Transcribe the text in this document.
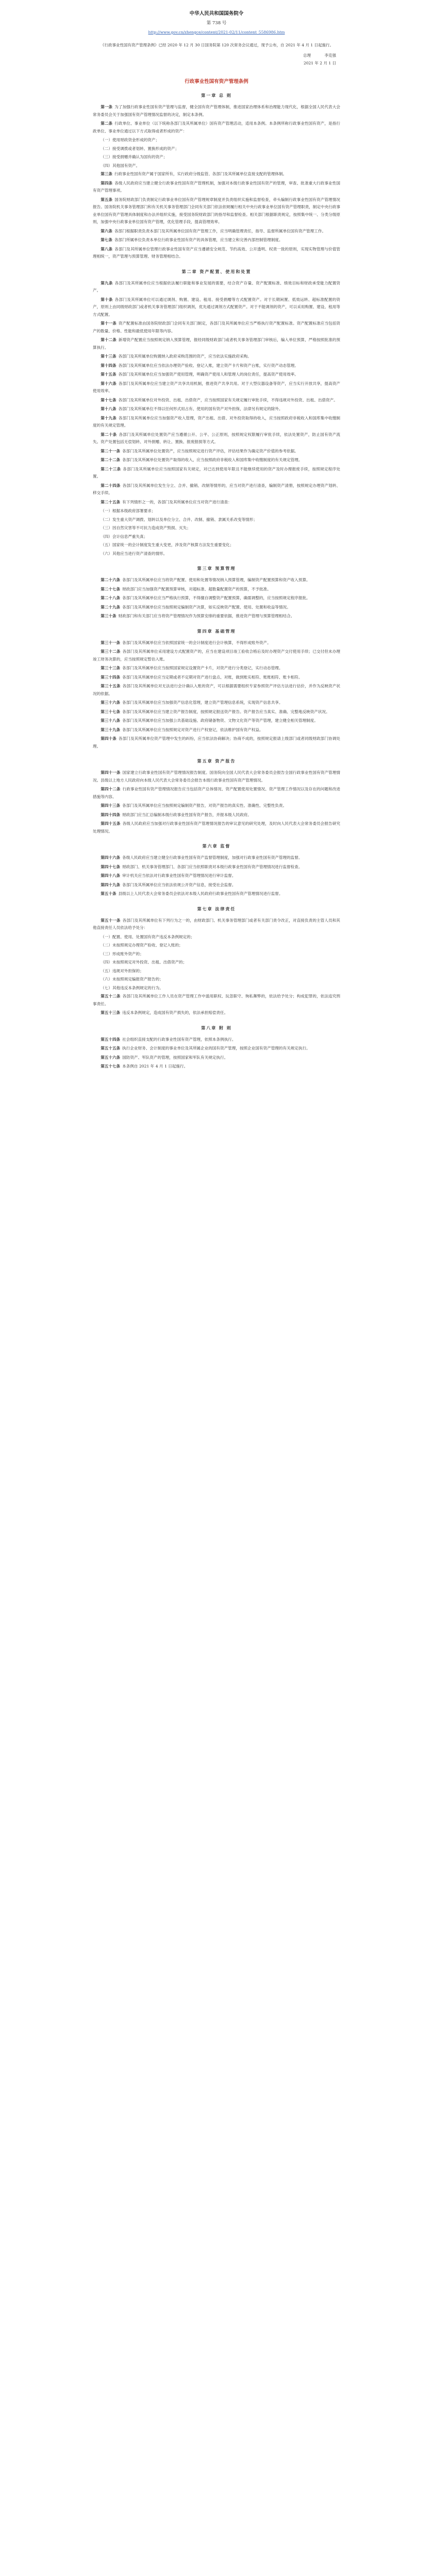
中华人民共和国国务院令
第 738 号
http://www.gov.cn/zhengce/content/2021-02/11/content_5586986.htm
《行政事业性国有资产管理条例》已经 2020 年 12 月 30 日国务院第 120 次常务会议通过，现予公布，自 2021 年 4 月 1 日起施行。
总理	李克强
2021 年 2 月 1 日
行政事业性国有资产管理条例
第一章 总 则

第一条 为了加强行政事业性国有资产管理与监督，健全国有资产管理体制，推进国家治理体系和治理能力现代化，根据全国人民代表大会常务委员会关于加强国有资产管理情况监督的决定，制定本条例。

第二条 行政单位、事业单位（以下统称各部门及其所属单位）国有资产管理活动，适用本条例。本条例所称行政事业性国有资产，是指行政单位、事业单位通过以下方式取得或者形成的资产：

（一）使用财政资金形成的资产；

（二）接受调拨或者划转、置换形成的资产；

（三）接受捐赠并确认为国有的资产；

（四）其他国有资产。

第三条 行政事业性国有资产属于国家所有，实行政府分级监管、各部门及其所属单位直接支配的管理体制。

第四条 各级人民政府应当建立健全行政事业性国有资产管理机制，加强对本级行政事业性国有资产的管理，审查、批准重大行政事业性国有资产管理事项。

第五条 国务院财政部门负责制定行政事业单位国有资产管理规章制度并负责组织实施和监督检查，牵头编制行政事业性国有资产管理情况报告。国务院机关事务管理部门和有关机关事务管理部门会同有关部门依法依规履行相关中央行政事业单位国有资产管理职责，制定中央行政事业单位国有资产管理具体制度和办法并组织实施，接受国务院财政部门的指导和监督检查。相关部门根据职责规定，按照集中统一、分类分级原则，加强中央行政事业单位国有资产管理，优化管理手段，提高管理效率。

第六条 各部门根据职责负责本部门及其所属单位国有资产管理工作，应当明确管理责任，指导、监督所属单位国有资产管理工作。

第七条 各部门所属单位负责本单位行政事业性国有资产的具体管理，应当建立和完善内部控制管理制度。

第八条 各部门及其所属单位管理行政事业性国有资产应当遵循安全规范、节约高效、公开透明、权责一致的原则，实现实物管理与价值管理相统一，资产管理与预算管理、财务管理相结合。

第二章 资产配置、使用和处置

第九条 各部门及其所属单位应当根据依法履行职能和事业发展的需要，结合资产存量、资产配置标准、绩效目标和财政承受能力配置资产。

第十条 各部门及其所属单位可以通过调剂、购置、建设、租用、接受捐赠等方式配置资产。对于长期闲置、低效运转、超标准配置的资产，原则上由同级财政部门或者机关事务管理部门组织调剂，优先通过调剂方式配置资产。对于不能调剂的资产，可以采用购置、建设、租用等方式配置。

第十一条 资产配置标准由国务院财政部门会同有关部门制定，各部门及其所属单位应当严格执行资产配置标准。资产配置标准应当包括资产的数量、价格、性能和最低使用年限等内容。

第十二条 新增资产配置应当按照规定纳入预算管理，报经同级财政部门或者机关事务管理部门审核后，编入单位预算，严格按照批准的预算执行。

第十三条 各部门及其所属单位购置纳入政府采购范围的资产，应当依法实施政府采购。

第十四条 各部门及其所属单位应当依法办理资产验收、登记入账，建立资产卡片和资产台账，实行资产动态管理。

第十五条 各部门及其所属单位应当加强资产使用管理，明确资产使用人和管理人的岗位责任，提高资产使用效率。

第十六条 各部门及其所属单位应当建立资产共享共用机制，推进资产共享共用。对于大型仪器设备等资产，应当实行开放共享，提高资产使用效率。

第十七条 各部门及其所属单位对外投资、出租、出借资产，应当按照国家有关规定履行审批手续，不得违规对外投资、出租、出借资产。

第十八条 各部门及其所属单位不得以任何形式用占有、使用的国有资产对外担保，法律另有规定的除外。

第十九条 各部门及其所属单位应当加强资产收入管理，资产出租、出借、对外投资取得的收入，应当按照政府非税收入和国库集中收缴制度的有关规定管理。

第二十条 各部门及其所属单位处置资产应当遵循公开、公平、公正原则，按照规定权限履行审批手续，依法处置资产，防止国有资产流失。资产处置包括无偿划转、对外捐赠、转让、置换、报废报损等方式。

第二十一条 各部门及其所属单位处置资产，应当按照规定进行资产评估，评估结果作为确定资产价值的参考依据。

第二十二条 各部门及其所属单位处置资产取得的收入，应当按照政府非税收入和国库集中收缴制度的有关规定管理。

第二十三条 各部门及其所属单位应当按照国家有关规定，对已达到使用年限且不能继续使用的资产及时办理报废手续，按照规定程序处置。

第二十四条 各部门及其所属单位发生分立、合并、撤销、改制等情形的，应当对资产进行清查，编制资产清册，按照规定办理资产划转、移交手续。

第二十五条 有下列情形之一的，各部门及其所属单位应当对资产进行清查：

（一）根据本级政府部署要求；

（二）发生重大资产调拨、划转以及单位分立、合并、改制、撤销、隶属关系改变等情形；

（三）因自然灾害等不可抗力造成资产毁损、灭失；

（四）会计信息严重失真；

（五）国家统一的会计制度发生重大变更，涉及资产核算方法发生重要变化；

（六）其他应当进行资产清查的情形。

第三章 预算管理

第二十六条 各部门及其所属单位应当将资产配置、使用和处置等情况纳入预算管理，编制资产配置预算和资产收入预算。

第二十七条 财政部门应当加强资产配置预算审核，对超标准、超数量配置资产的预算，不予批准。

第二十八条 各部门及其所属单位应当严格执行预算，不得擅自调整资产配置预算，确需调整的，应当按照规定程序报批。

第二十九条 各部门及其所属单位应当按照规定编制资产决算，如实反映资产配置、使用、处置和收益等情况。

第三十条 财政部门和有关部门应当将资产管理情况作为预算安排的重要依据，推进资产管理与预算管理相结合。

第四章 基础管理

第三十一条 各部门及其所属单位应当依照国家统一的会计制度进行会计核算，不得形成账外资产。

第三十二条 各部门及其所属单位采用建设方式配置资产的，应当在建设项目竣工验收合格后及时办理资产交付使用手续；已交付但未办理竣工财务决算的，应当按照规定暂估入账。

第三十三条 各部门及其所属单位应当按照国家规定设置资产卡片，对资产进行分类登记，实行动态管理。

第三十四条 各部门及其所属单位应当定期或者不定期对资产进行盘点、对账，做到账实相符、账账相符、账卡相符。

第三十五条 各部门及其所属单位对无法进行会计确认入账的资产，可以根据需要组织专家参照资产评估方法进行估价，并作为反映资产状况的依据。

第三十六条 各部门及其所属单位应当加强资产信息化管理，建立资产管理信息系统，实现资产信息共享。

第三十七条 各部门及其所属单位应当建立资产报告制度，按照规定报送资产报告。资产报告应当真实、准确、完整地反映资产状况。

第三十八条 各部门及其所属单位应当加强公共基础设施、政府储备物资、文物文化资产等资产管理，建立健全相关管理制度。

第三十九条 各部门及其所属单位应当按照规定对资产进行产权登记，依法维护国有资产权益。

第四十条 各部门及其所属单位资产管理中发生的纠纷，应当依法协商解决；协商不成的，按照规定报请上级部门或者同级财政部门协调处理。

第五章 资产报告

第四十一条 国家建立行政事业性国有资产管理情况报告制度。国务院向全国人民代表大会常务委员会报告全国行政事业性国有资产管理情况。县级以上地方人民政府向本级人民代表大会常务委员会报告本级行政事业性国有资产管理情况。

第四十二条 行政事业性国有资产管理情况报告应当包括资产总体情况、资产配置使用处置情况、资产管理工作情况以及存在的问题和改进措施等内容。

第四十三条 各部门及其所属单位应当按照规定编制资产报告，对资产报告的真实性、准确性、完整性负责。

第四十四条 财政部门应当汇总编制本级行政事业性国有资产报告，并报本级人民政府。

第四十五条 各级人民政府应当加强对行政事业性国有资产管理情况报告的审议意见的研究处理，及时向人民代表大会常务委员会报告研究处理情况。

第六章 监督

第四十六条 各级人民政府应当建立健全行政事业性国有资产监督管理制度，加强对行政事业性国有资产管理的监督。

第四十七条 财政部门、机关事务管理部门、各部门应当依照职责对本级行政事业性国有资产管理情况进行监督检查。

第四十八条 审计机关应当依法对行政事业性国有资产管理情况进行审计监督。

第四十九条 各部门及其所属单位应当依法依规公开资产信息，接受社会监督。

第五十条 县级以上人民代表大会常务委员会依法对本级人民政府行政事业性国有资产管理情况进行监督。

第七章 法律责任

第五十一条 各部门及其所属单位有下列行为之一的，由财政部门、机关事务管理部门或者有关部门责令改正，对直接负责的主管人员和其他直接责任人员依法给予处分：

（一）配置、使用、处置国有资产违反本条例规定的；

（二）未按照规定办理资产验收、登记入账的；

（三）形成账外资产的；

（四）未按照规定对外投资、出租、出借资产的；

（五）违规对外担保的；

（六）未按照规定编报资产报告的；

（七）其他违反本条例规定的行为。

第五十二条 各部门及其所属单位工作人员在资产管理工作中滥用职权、玩忽职守、徇私舞弊的，依法给予处分；构成犯罪的，依法追究刑事责任。

第五十三条 违反本条例规定，造成国有资产损失的，依法承担赔偿责任。

第八章 附 则

第五十四条 社会组织直接支配的行政事业性国有资产管理，依照本条例执行。

第五十五条 执行企业财务、会计制度的事业单位及其所属企业的国有资产管理，按照企业国有资产管理的有关规定执行。

第五十六条 国防资产、军队资产的管理，按照国家和军队有关规定执行。

第五十七条 本条例自 2021 年 4 月 1 日起施行。
